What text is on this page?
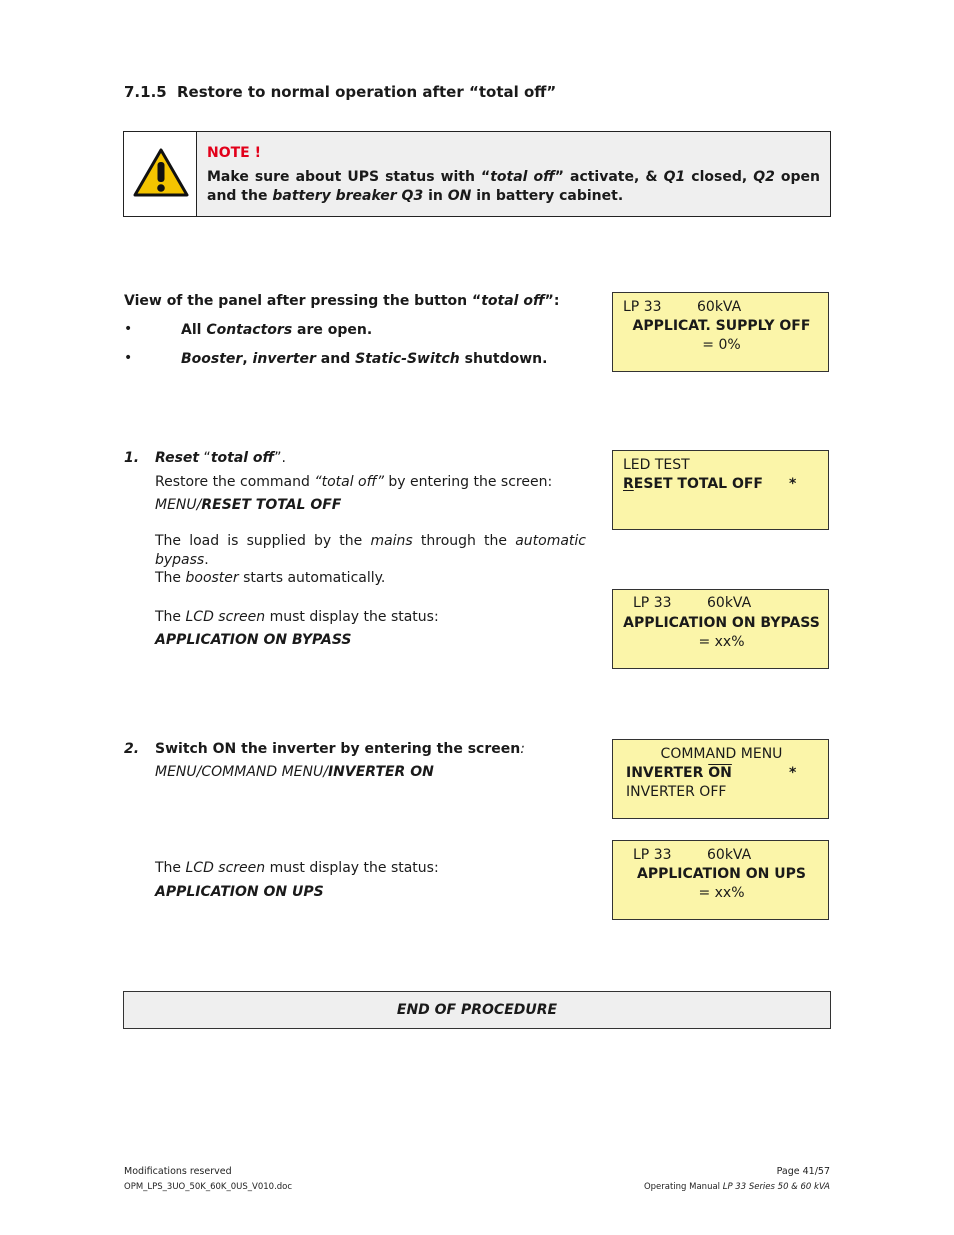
7.1.5 Restore to normal operation after “total off”
NOTE !
Make sure about UPS status with “total off” activate, & Q1 closed, Q2 open and the battery breaker Q3 in ON in battery cabinet.
View of the panel after pressing the button “total off”:
•	All Contactors are open.
•	Booster, inverter and Static-Switch shutdown.
LP 33	60kVA
APPLICAT. SUPPLY OFF
= 0%
1. Reset “total off”.
Restore the command “total off” by entering the screen:
MENU/RESET TOTAL OFF
The load is supplied by the mains through the automatic bypass.
The booster starts automatically.
The LCD screen must display the status:
APPLICATION ON BYPASS
LED TEST
RESET TOTAL OFF *
LP 33	60kVA
APPLICATION ON BYPASS
= xx%
2. Switch ON the inverter by entering the screen:
MENU/COMMAND MENU/INVERTER ON
The LCD screen must display the status:
APPLICATION ON UPS
COMMAND MENU
INVERTER $\overline{ON}$	*
INVERTER OFF
LP 33	60kVA
APPLICATION ON UPS
= xx%
END OF PROCEDURE
Modifications reserved
OPM_LPS_3UO_50K_60K_0US_V010.doc
Page 41/57
Operating Manual LP 33 Series 50 & 60 kVA
